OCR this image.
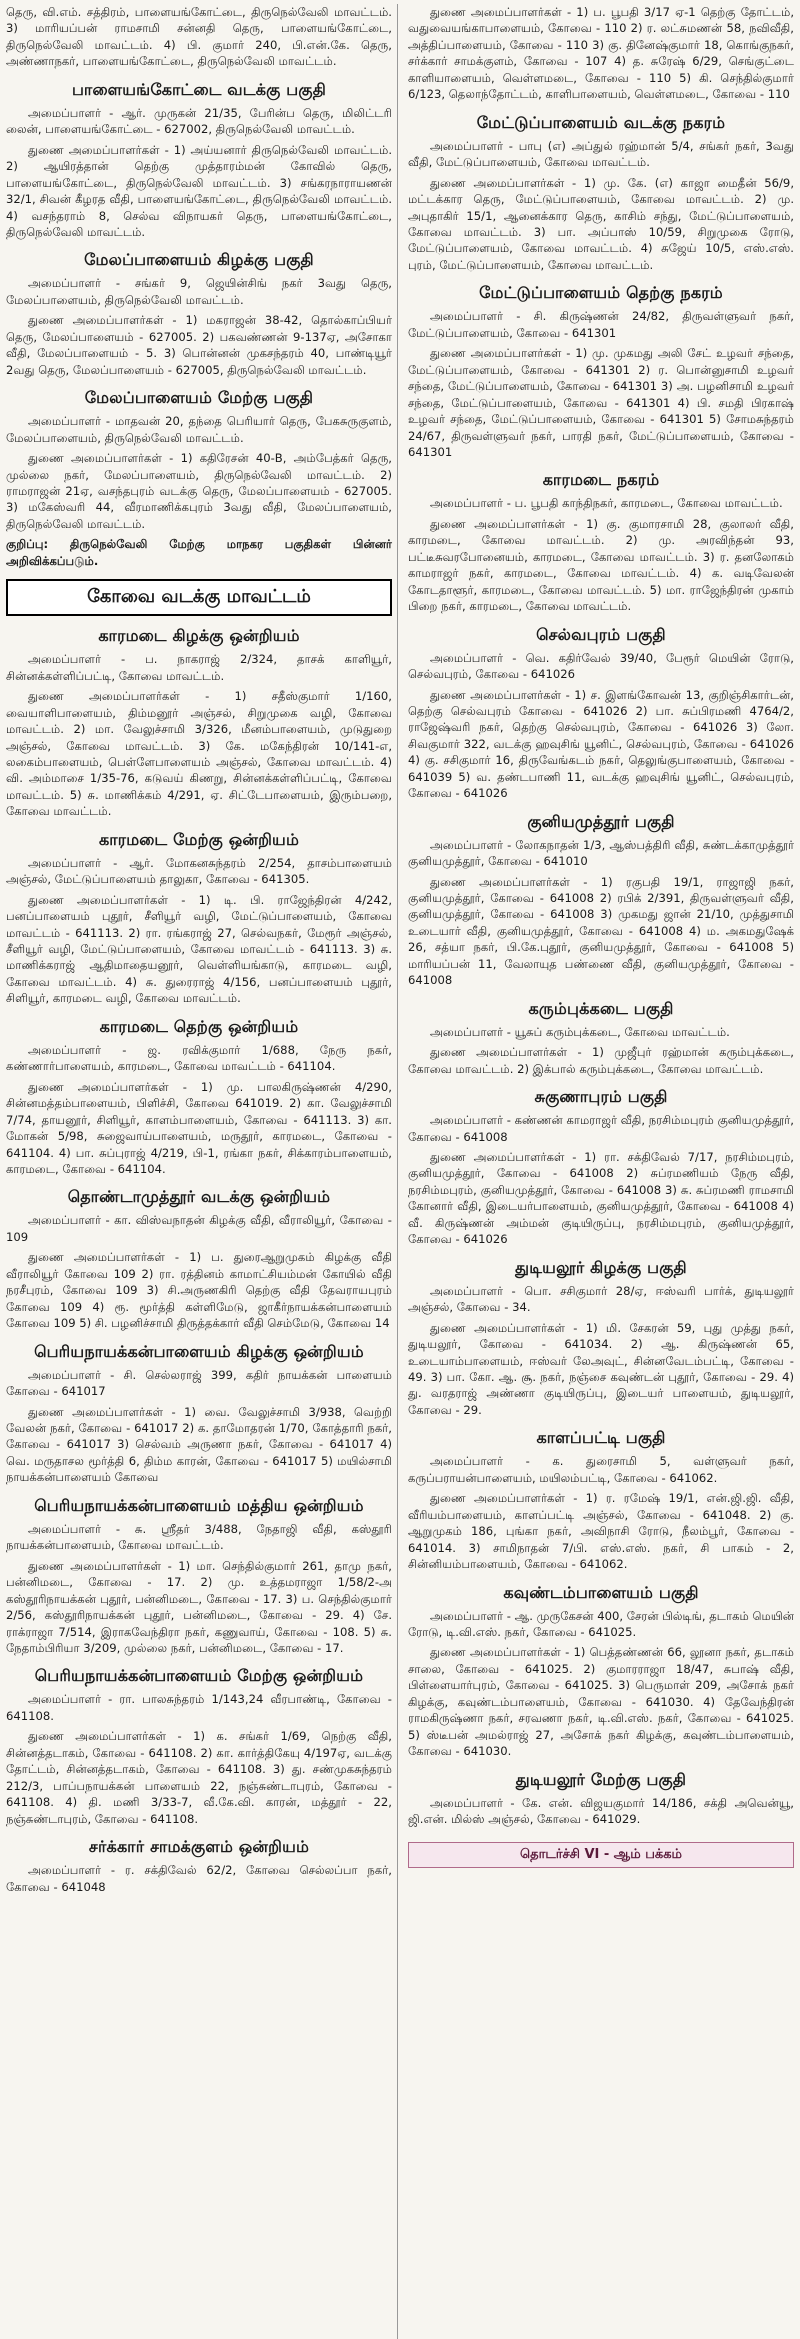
தெரு, வி.எம். சத்திரம், பாளையங்கோட்டை, திருநெல்வேலி மாவட்டம். 3) மாரியப்பன் ராமசாமி சன்னதி தெரு, பாளையங்கோட்டை, திருநெல்வேலி மாவட்டம். 4) பி. குமார் 240, பி.என்.கே. தெரு, அண்ணாநகர், பாளையங்கோட்டை, திருநெல்வேலி மாவட்டம்.

பாளையங்கோட்டை வடக்கு பகுதி

அமைப்பாளர் - ஆர். முருகன் 21/35, பேரின்ப தெரு, மிலிட்டரி லைன், பாளையங்கோட்டை - 627002, திருநெல்வேலி மாவட்டம்.

துணை அமைப்பாளர்கள் - 1) அய்யனார் திருநெல்வேலி மாவட்டம். 2) ஆயிரத்தான் தெற்கு முத்தாரம்மன் கோவில் தெரு, பாளையங்கோட்டை, திருநெல்வேலி மாவட்டம். 3) சங்கரநாராயணன் 32/1, சிவன் கீழரத வீதி, பாளையங்கோட்டை, திருநெல்வேலி மாவட்டம். 4) வசந்தராம் 8, செல்வ விநாயகர் தெரு, பாளையங்கோட்டை, திருநெல்வேலி மாவட்டம்.

மேலப்பாளையம் கிழக்கு பகுதி

அமைப்பாளர் - சங்கர் 9, ஜெயின்சிங் நகர் 3வது தெரு, மேலப்பாளையம், திருநெல்வேலி மாவட்டம்.

துணை அமைப்பாளர்கள் - 1) மகராஜன் 38-42, தொல்காப்பியர் தெரு, மேலப்பாளையம் - 627005. 2) பகவண்ணன் 9-137ஏ, அசோகா வீதி, மேலப்பாளையம் - 5. 3) பொன்னன் முகசந்தரம் 40, பாண்டியூர் 2வது தெரு, மேலப்பாளையம் - 627005, திருநெல்வேலி மாவட்டம்.

மேலப்பாளையம் மேற்கு பகுதி

அமைப்பாளர் - மாதவன் 20, தந்தை பெரியார் தெரு, பேகசுருகுளம், மேலப்பாளையம், திருநெல்வேலி மாவட்டம்.

துணை அமைப்பாளர்கள் - 1) கதிரேசன் 40-B, அம்பேத்கர் தெரு, முல்லை நகர், மேலப்பாளையம், திருநெல்வேலி மாவட்டம். 2) ராமராஜன் 21ஏ, வசந்தபுரம் வடக்கு தெரு, மேலப்பாளையம் - 627005. 3) மகேஸ்வரி 44, வீரமாணிக்கபுரம் 3வது வீதி, மேலப்பாளையம், திருநெல்வேலி மாவட்டம்.

குறிப்பு: திருநெல்வேலி மேற்கு மாநகர பகுதிகள் பின்னர் அறிவிக்கப்படும்.

கோவை வடக்கு மாவட்டம்
காரமடை கிழக்கு ஒன்றியம்

அமைப்பாளர் - ப. நாகராஜ் 2/324, தாசக் காளியூர், சின்னக்கள்ளிப்பட்டி, கோவை மாவட்டம்.

துணை அமைப்பாளர்கள் - 1) சதீஸ்குமார் 1/160, வையாளிபாளையம், திம்மனூர் அஞ்சல், சிறுமுகை வழி, கோவை மாவட்டம். 2) மா. வேலுச்சாமி 3/326, மீனம்பாளையம், முடுதுறை அஞ்சல், கோவை மாவட்டம். 3) கே. மகேந்திரன் 10/141-எ, லகைம்பாளையம், பெள்ளேபாளையம் அஞ்சல், கோவை மாவட்டம். 4) வி. அம்மாசை 1/35-76, கடுவய் கிணறு, சின்னக்கள்ளிப்பட்டி, கோவை மாவட்டம். 5) சு. மாணிக்கம் 4/291, ஏ. சிட்டேபாளையம், இரும்பறை, கோவை மாவட்டம்.

காரமடை மேற்கு ஒன்றியம்

அமைப்பாளர் - ஆர். மோகனசுந்தரம் 2/254, தாசம்பாளையம் அஞ்சல், மேட்டுப்பாளையம் தாலுகா, கோவை - 641305.

துணை அமைப்பாளர்கள் - 1) டி. பி. ராஜேந்திரன் 4/242, பனப்பாளையம் புதூர், சீளியூர் வழி, மேட்டுப்பாளையம், கோவை மாவட்டம் - 641113. 2) ரா. ரங்கராஜ் 27, செல்வநகர், மேரூர் அஞ்சல், சீளியூர் வழி, மேட்டுப்பாளையம், கோவை மாவட்டம் - 641113. 3) சு. மாணிக்கராஜ் ஆதிமாதையனூர், வெள்ளியங்காடு, காரமடை வழி, கோவை மாவட்டம். 4) சு. துரைராஜ் 4/156, பனப்பாளையம் புதூர், சிளியூர், காரமடை வழி, கோவை மாவட்டம்.

காரமடை தெற்கு ஒன்றியம்

அமைப்பாளர் - ஜ. ரவிக்குமார் 1/688, நேரு நகர், கண்ணார்பாளையம், காரமடை, கோவை மாவட்டம் - 641104.

துணை அமைப்பாளர்கள் - 1) மு. பாலகிருஷ்ணன் 4/290, சின்னமத்தம்பாளையம், பிளிச்சி, கோவை 641019. 2) கா. வேலுச்சாமி 7/74, தாயனூர், சிளியூர், காளம்பாளையம், கோவை - 641113. 3) கா. மோகன் 5/98, சுஜைவாய்பாளையம், மருதூர், காரமடை, கோவை - 641104. 4) பா. சுப்புராஜ் 4/219, பி-1, ரங்கா நகர், சிக்காரம்பாளையம், காரமடை, கோவை - 641104.

தொண்டாமுத்தூர் வடக்கு ஒன்றியம்

அமைப்பாளர் - கா. விஸ்வநாதன் கிழக்கு வீதி, வீராலியூர், கோவை - 109

துணை அமைப்பாளர்கள் - 1) ப. துரைஆறுமுகம் கிழக்கு வீதி வீராலியூர் கோவை 109 2) ரா. ரத்தினம் காமாட்சியம்மன் கோயில் வீதி நரசீபுரம், கோவை 109 3) சி.அருணகிரி தெற்கு வீதி தேவராயபுரம் கோவை 109 4) ரூ. மூர்த்தி கள்ளிமேடு, ஜாகீர்நாயக்கன்பாளையம் கோவை 109 5) சி. பழனிச்சாமி திருத்தக்கார் வீதி செம்மேடு, கோவை 14

பெரியநாயக்கன்பாளையம் கிழக்கு ஒன்றியம்

அமைப்பாளர் - சி. செல்லராஜ் 399, கதிர் நாயக்கன் பாளையம் கோவை - 641017

துணை அமைப்பாளர்கள் - 1) வை. வேலுச்சாமி 3/938, வெற்றி வேலன் நகர், கோவை - 641017 2) க. தாமோதரன் 1/70, கோத்தாரி நகர், கோவை - 641017 3) செல்வம் அருணா நகர், கோவை - 641017 4) வெ. மருதாசல மூர்த்தி 6, திம்ம காரன், கோவை - 641017 5) மயில்சாமி நாயக்கன்பாளையம் கோவை

பெரியநாயக்கன்பாளையம் மத்திய ஒன்றியம்

அமைப்பாளர் - சு. ஸ்ரீதர் 3/488, நேதாஜி வீதி, கஸ்தூரி நாயக்கன்பாளையம், கோவை மாவட்டம்.

துணை அமைப்பாளர்கள் - 1) மா. செந்தில்குமார் 261, தாமு நகர், பன்னிமடை, கோவை - 17. 2) மு. உத்தமராஜா 1/58/2-அ கஸ்தூரிநாயக்கன் புதூர், பன்னிமடை, கோவை - 17. 3) ப. செந்தில்குமார் 2/56, கஸ்தூரிநாயக்கன் புதூர், பன்னிமடை, கோவை - 29. 4) சே. ராக்ராஜா 7/514, இராகவேந்திரா நகர், கணுவாய், கோவை - 108. 5) சு. நேதாம்பிரியா 3/209, முல்லை நகர், பன்னிமடை, கோவை - 17.

பெரியநாயக்கன்பாளையம் மேற்கு ஒன்றியம்

அமைப்பாளர் - ரா. பாலசுந்தரம் 1/143,24 வீரபாண்டி, கோவை - 641108.

துணை அமைப்பாளர்கள் - 1) க. சங்கர் 1/69, நெற்கு வீதி, சின்னத்தடாகம், கோவை - 641108. 2) கா. கார்த்திகேயு 4/197ஏ, வடக்கு தோட்டம், சின்னத்தடாகம், கோவை - 641108. 3) து. சண்முகசுந்தரம் 212/3, பாப்பநாயக்கன் பாளையம் 22, நஞ்சுண்டாபுரம், கோவை - 641108. 4) தி. மணி 3/33-7, வீ.கே.வி. காரன், மத்தூர் - 22, நஞ்சுண்டாபுரம், கோவை - 641108.

சர்க்கார் சாமக்குளம் ஒன்றியம்

அமைப்பாளர் - ர. சக்திவேல் 62/2, கோவை செல்லப்பா நகர், கோவை - 641048

துணை அமைப்பாளர்கள் - 1) ப. பூபதி 3/17 ஏ-1 தெற்கு தோட்டம், வதுவையங்காபாளையம், கோவை - 110 2) ர. லட்சுமணன் 58, நவிவீதி, அத்திப்பாளையம், கோவை - 110 3) கு. தினேஷ்குமார் 18, கொங்குநகர், சர்க்கார் சாமக்குளம், கோவை - 107 4) த. சுரேஷ் 6/29, செங்குட்டை காளியாளையம், வெள்ளமடை, கோவை - 110 5) கி. செந்தில்குமார் 6/123, தெலாந்தோட்டம், காளிபாளையம், வெள்ளமடை, கோவை - 110

மேட்டுப்பாளையம் வடக்கு நகரம்

அமைப்பாளர் - பாபு (எ) அப்துல் ரஹ்மான் 5/4, சங்கர் நகர், 3வது வீதி, மேட்டுப்பாளையம், கோவை மாவட்டம்.

துணை அமைப்பாளர்கள் - 1) மு. கே. (எ) காஜா மைதீன் 56/9, மட்டக்கார தெரு, மேட்டுப்பாளையம், கோவை மாவட்டம். 2) மு. அபுதாகிர் 15/1, ஆனைக்கார தெரு, காசிம் சந்து, மேட்டுப்பாளையம், கோவை மாவட்டம். 3) பா. அப்பாஸ் 10/59, சிறுமுகை ரோடு, மேட்டுப்பாளையம், கோவை மாவட்டம். 4) சுஜேய் 10/5, எஸ்.எஸ். புரம், மேட்டுப்பாளையம், கோவை மாவட்டம்.

மேட்டுப்பாளையம் தெற்கு நகரம்

அமைப்பாளர் - சி. கிருஷ்ணன் 24/82, திருவள்ளுவர் நகர், மேட்டுப்பாளையம், கோவை - 641301

துணை அமைப்பாளர்கள் - 1) மு. முகமது அலி சேட் உழவர் சந்தை, மேட்டுப்பாளையம், கோவை - 641301 2) ர. பொன்னுசாமி உழவர் சந்தை, மேட்டுப்பாளையம், கோவை - 641301 3) அ. பழனிசாமி உழவர் சந்தை, மேட்டுப்பாளையம், கோவை - 641301 4) பி. சமதி பிரகாஷ் உழவர் சந்தை, மேட்டுப்பாளையம், கோவை - 641301 5) சோமசுந்தரம் 24/67, திருவள்ளுவர் நகர், பாரதி நகர், மேட்டுப்பாளையம், கோவை - 641301

காரமடை நகரம்

அமைப்பாளர் - ப. பூபதி காந்திநகர், காரமடை, கோவை மாவட்டம்.

துணை அமைப்பாளர்கள் - 1) கு. குமாரசாமி 28, குலாலர் வீதி, காரமடை, கோவை மாவட்டம். 2) மு. அரவிந்தன் 93, பட்டீசுவரபோனையம், காரமடை, கோவை மாவட்டம். 3) ர. தனலோகம் காமராஜர் நகர், காரமடை, கோவை மாவட்டம். 4) க. வடிவேலன் கோடதாளூர், காரமடை, கோவை மாவட்டம். 5) மா. ராஜேந்திரன் முகாம் பிறை நகர், காரமடை, கோவை மாவட்டம்.

செல்வபுரம் பகுதி

அமைப்பாளர் - வெ. கதிர்வேல் 39/40, பேரூர் மெயின் ரோடு, செல்வபுரம், கோவை - 641026

துணை அமைப்பாளர்கள் - 1) ச. இளங்கோவன் 13, குறிஞ்சிகார்டன், தெற்கு செல்வபுரம் கோவை - 641026 2) பா. சுப்பிரமணி 4764/2, ராஜேஷ்வரி நகர், தெற்கு செல்வபுரம், கோவை - 641026 3) லோ. சிவகுமார் 322, வடக்கு ஹவுசிங் யூனிட், செல்வபுரம், கோவை - 641026 4) கு. சசிகுமார் 16, திருவேங்கடம் நகர், தெலுங்குபாளையம், கோவை - 641039 5) வ. தண்டபாணி 11, வடக்கு ஹவுசிங் யூனிட், செல்வபுரம், கோவை - 641026

குனியமுத்தூர் பகுதி

அமைப்பாளர் - லோகநாதன் 1/3, ஆஸ்பத்திரி வீதி, சுண்டக்காமுத்தூர் குனியமுத்தூர், கோவை - 641010

துணை அமைப்பாளர்கள் - 1) ரகுபதி 19/1, ராஜாஜி நகர், குனியமுத்தூர், கோவை - 641008 2) ரபிக் 2/391, திருவள்ளுவர் வீதி, குனியமுத்தூர், கோவை - 641008 3) முகமது ஜான் 21/10, முத்துசாமி உடையார் வீதி, குனியமுத்தூர், கோவை - 641008 4) ம. அகமதுஷேக் 26, சத்யா நகர், பி.கே.புதூர், குனியமுத்தூர், கோவை - 641008 5) மாரியப்பன் 11, வேலாயுத பண்ணை வீதி, குனியமுத்தூர், கோவை - 641008

கரும்புக்கடை பகுதி

அமைப்பாளர் - யூசுப் கரும்புக்கடை, கோவை மாவட்டம்.

துணை அமைப்பாளர்கள் - 1) முஜீபுர் ரஹ்மான் கரும்புக்கடை, கோவை மாவட்டம். 2) இக்பால் கரும்புக்கடை, கோவை மாவட்டம்.

சுகுணாபுரம் பகுதி

அமைப்பாளர் - கண்ணன் காமராஜர் வீதி, நரசிம்மபுரம் குனியமுத்தூர், கோவை - 641008

துணை அமைப்பாளர்கள் - 1) ரா. சக்திவேல் 7/17, நரசிம்மபுரம், குனியமுத்தூர், கோவை - 641008 2) சுப்ரமணியம் நேரு வீதி, நரசிம்மபுரம், குனியமுத்தூர், கோவை - 641008 3) சு. சுப்ரமணி ராமசாமி கோனார் வீதி, இடையர்பாளையம், குனியமுத்தூர், கோவை - 641008 4) வீ. கிருஷ்ணன் அம்மன் குடியிருப்பு, நரசிம்மபுரம், குனியமுத்தூர், கோவை - 641026

துடியலூர் கிழக்கு பகுதி

அமைப்பாளர் - பொ. சசிகுமார் 28/ஏ, ஈஸ்வரி பார்க், துடியலூர் அஞ்சல், கோவை - 34.

துணை அமைப்பாளர்கள் - 1) மி. சேகரன் 59, புது முத்து நகர், துடியலூர், கோவை - 641034. 2) ஆ. கிருஷ்ணன் 65, உடையாம்பாளையம், ஈஸ்வர் லேஅவுட், சின்னவேடம்பட்டி, கோவை - 49. 3) பா. கோ. ஆ. சூ. நகர், நஞ்சை கவுண்டன் புதூர், கோவை - 29. 4) து. வரதராஜ் அண்ணா குடியிருப்பு, இடையர் பாளையம், துடியலூர், கோவை - 29.

காளப்பட்டி பகுதி

அமைப்பாளர் - க. துரைசாமி 5, வள்ளுவர் நகர், கருப்பராயன்பாளையம், மயிலம்பட்டி, கோவை - 641062.

துணை அமைப்பாளர்கள் - 1) ர. ரமேஷ் 19/1, என்.ஜி.ஜி. வீதி, வீரியம்பாளையம், காளப்பட்டி அஞ்சல், கோவை - 641048. 2) கு. ஆறுமுகம் 186, புங்கா நகர், அவிநாசி ரோடு, நீலம்பூர், கோவை - 641014. 3) சாமிநாதன் 7/பி. எஸ்.எஸ். நகர், சி பாகம் - 2, சின்னியம்பாளையம், கோவை - 641062.

கவுண்டம்பாளையம் பகுதி

அமைப்பாளர் - ஆ. முருகேசன் 400, சேரன் பில்டிங், தடாகம் மெயின் ரோடு, டி.வி.எஸ். நகர், கோவை - 641025.

துணை அமைப்பாளர்கள் - 1) பெத்தண்ணன் 66, லூனா நகர், தடாகம் சாலை, கோவை - 641025. 2) குமாரராஜா 18/47, சுபாஷ் வீதி, பிள்ளையார்புரம், கோவை - 641025. 3) பெருமாள் 209, அசோக் நகர் கிழக்கு, கவுண்டம்பாளையம், கோவை - 641030. 4) தேவேந்திரன் ராமகிருஷ்ணா நகர், சரவணா நகர், டி.வி.எஸ். நகர், கோவை - 641025. 5) ஸ்டீபன் அமல்ராஜ் 27, அசோக் நகர் கிழக்கு, கவுண்டம்பாளையம், கோவை - 641030.

துடியலூர் மேற்கு பகுதி

அமைப்பாளர் - கே. என். விஜயகுமார் 14/186, சக்தி அவென்யூ, ஜி.என். மில்ஸ் அஞ்சல், கோவை - 641029.

தொடர்ச்சி VI - ஆம் பக்கம்
